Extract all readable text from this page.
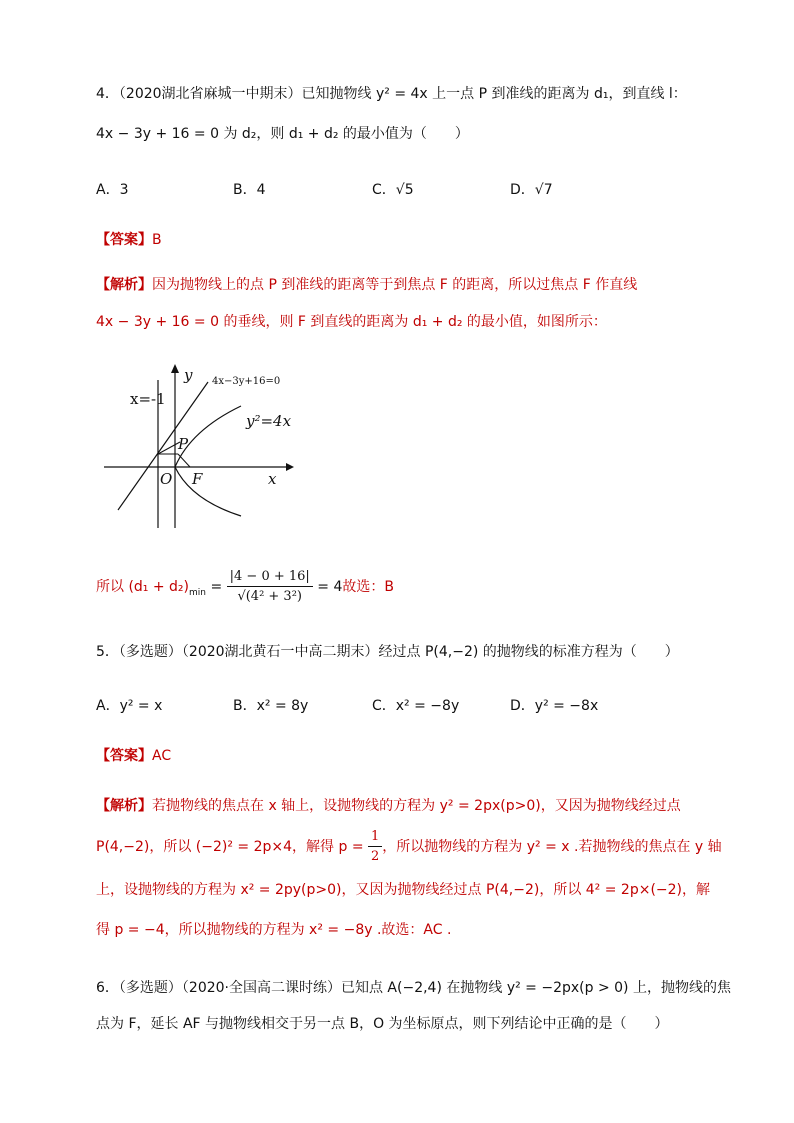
4．（2020湖北省麻城一中期末）已知抛物线 y² = 4x 上一点 P 到准线的距离为 d₁，到直线 l：
4x − 3y + 16 = 0 为 d₂，则 d₁ + d₂ 的最小值为（　　）
A．3	B．4	C．√5	D．√7
【答案】B
【解析】因为抛物线上的点 P 到准线的距离等于到焦点 F 的距离，所以过焦点 F 作直线
4x − 3y + 16 = 0 的垂线，则 F 到直线的距离为 d₁ + d₂ 的最小值，如图所示：
4x−3y+16=0
x=-1
y²=4x
y
x
P
O F
所以 $(d_1 + d_2)_{min} = \frac{|4 - 0 + 16|}{\text{√(4² + 3²)}} = 4$故选：B
5．（多选题）（2020湖北黄石一中高二期末）经过点 P(4,−2) 的抛物线的标准方程为（　　）
A．y² = x	B．x² = 8y	C．x² = −8y	D．y² = −8x
【答案】AC
【解析】若抛物线的焦点在 x 轴上，设抛物线的方程为 y² = 2px(p>0)，又因为抛物线经过点
P(4,−2)，所以 (−2)² = 2p×4，解得 $p = \frac{1}{2}$ ，所以抛物线的方程为 y² = x .若抛物线的焦点在 y 轴
上，设抛物线的方程为 x² = 2py(p>0)，又因为抛物线经过点 P(4,−2)，所以 4² = 2p×(−2)，解
得 p = −4，所以抛物线的方程为 x² = −8y .故选：AC .
6．（多选题）（2020·全国高二课时练）已知点 A(−2,4) 在抛物线 y² = −2px(p > 0) 上，抛物线的焦
点为 F，延长 AF 与抛物线相交于另一点 B，O 为坐标原点，则下列结论中正确的是（　　）
